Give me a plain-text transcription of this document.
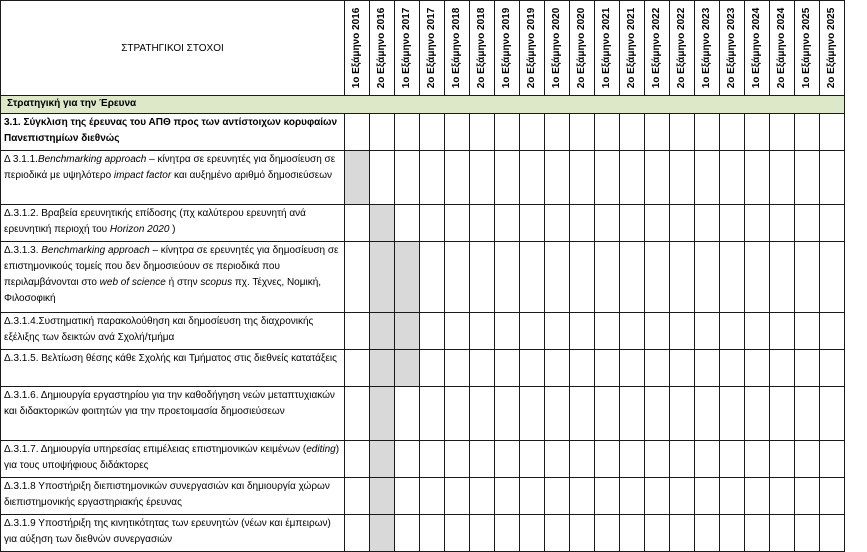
ΣΤΡΑΤΗΓΙΚΟΙ ΣΤΟΧΟΙ	1ο Εξάμηνο 2016	2ο Εξάμηνο 2016	1ο Εξάμηνο 2017	2ο Εξάμηνο 2017	1ο Εξάμηνο 2018	2ο Εξάμηνο 2018	1ο Εξάμηνο 2019	2ο Εξάμηνο 2019	1ο Εξάμηνο 2020	2ο Εξάμηνο 2020	1ο Εξάμηνο 2021	2ο Εξάμηνο 2021	1ο Εξάμηνο 2022	2ο Εξάμηνο 2022	1ο Εξάμηνο 2023	2ο Εξάμηνο 2023	1ο Εξάμηνο 2024	2ο Εξάμηνο 2024	1ο Εξάμηνο 2025	2ο Εξάμηνο 2025

Στρατηγική για την Έρευνα																				
3.1. Σύγκλιση της έρευνας του ΑΠΘ προς των αντίστοιχων κορυφαίων Πανεπιστημίων διεθνώς																				
Δ 3.1.1.Benchmarking approach – κίνητρα σε ερευνητές για δημοσίευση σε περιοδικά με υψηλότερο impact factor και αυξημένο αριθμό δημοσιεύσεων																				
Δ.3.1.2. Βραβεία ερευνητικής επίδοσης (πχ καλύτερου ερευνητή ανά ερευνητική περιοχή του Horizon 2020 )																				
Δ.3.1.3. Benchmarking approach – κίνητρα σε ερευνητές για δημοσίευση σε επιστημονικούς τομείς που δεν δημοσιεύουν σε περιοδικά που περιλαμβάνονται στο web of science ή στην scopus πχ. Τέχνες, Νομική, Φιλοσοφική																				
Δ.3.1.4.Συστηματική παρακολούθηση και δημοσίευση της διαχρονικής εξέλιξης των δεικτών ανά Σχολή/τμήμα																				
Δ.3.1.5. Βελτίωση θέσης κάθε Σχολής και Τμήματος στις διεθνείς κατατάξεις																				
Δ.3.1.6. Δημιουργία εργαστηρίου για την καθοδήγηση νεών μεταπτυχιακών και διδακτορικών φοιτητών για την προετοιμασία δημοσιεύσεων																				
Δ.3.1.7. Δημιουργία υπηρεσίας επιμέλειας επιστημονικών κειμένων (editing) για τους υποψήφιους διδάκτορες																				
Δ.3.1.8 Υποστήριξη διεπιστημονικών συνεργασιών και δημιουργία χώρων διεπιστημονικής εργαστηριακής έρευνας																				
Δ.3.1.9 Υποστήριξη της κινητικότητας των ερευνητών (νέων και έμπειρων) για αύξηση των διεθνών συνεργασιών																				
